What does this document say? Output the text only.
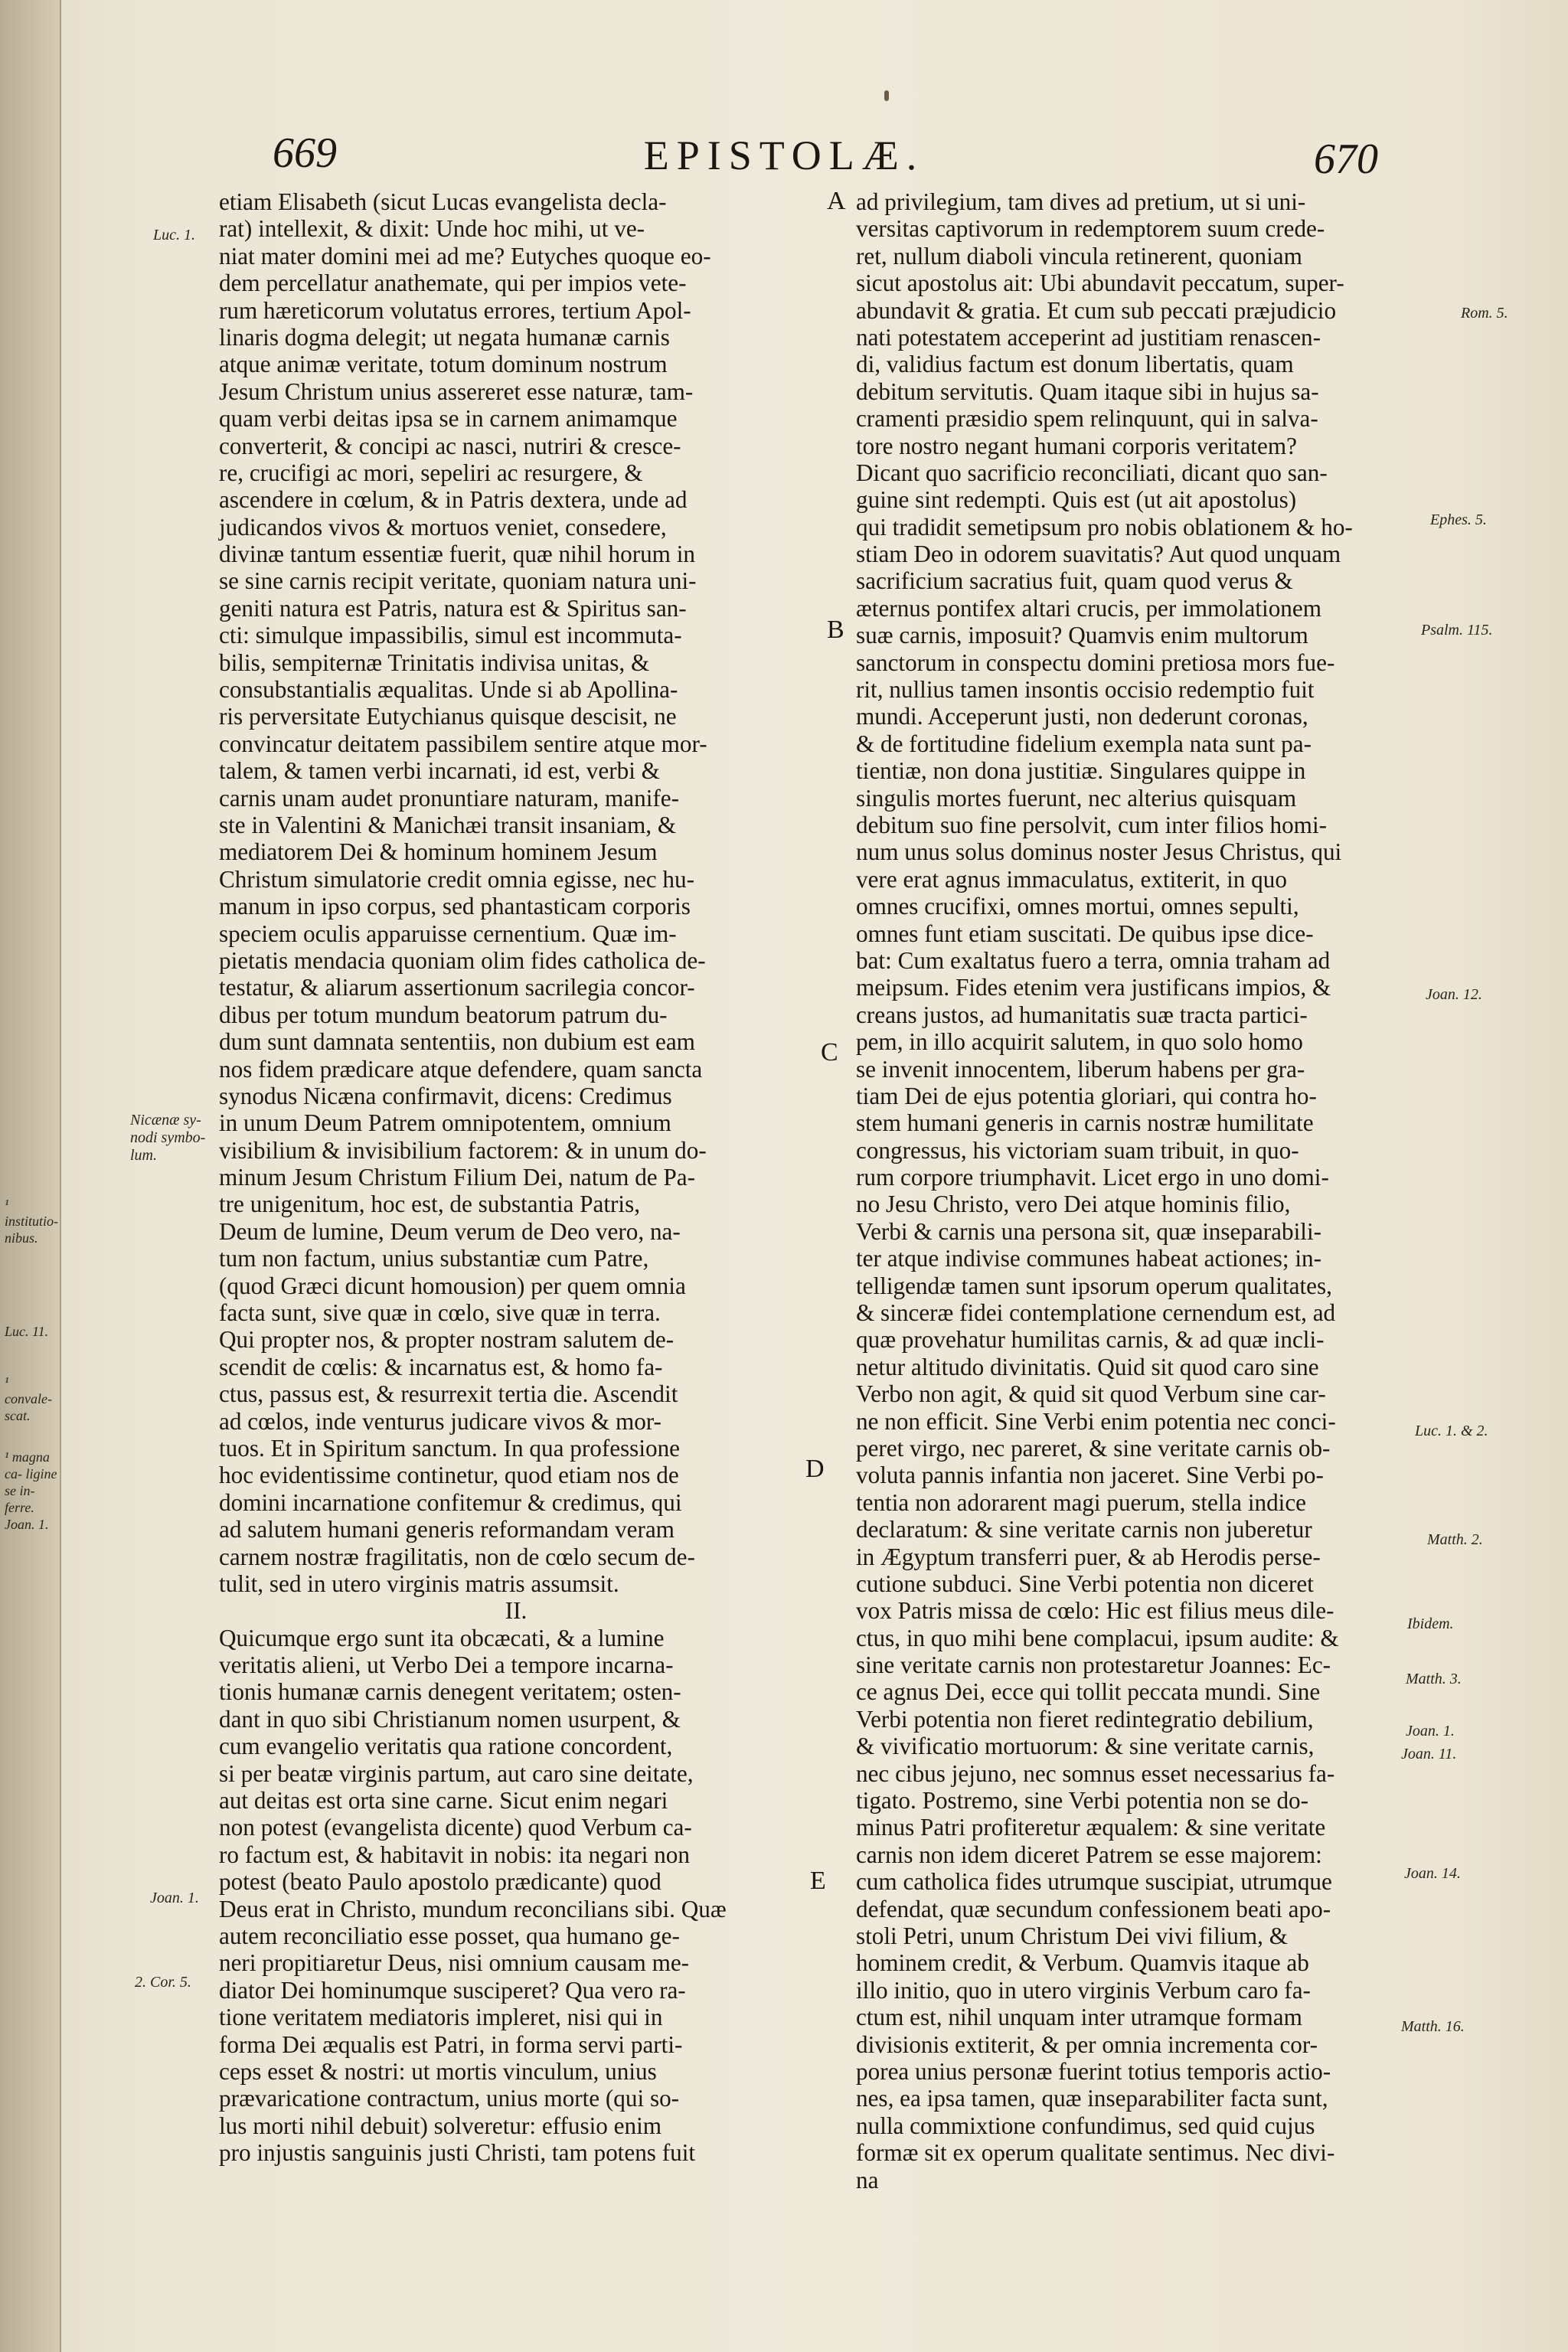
¹ institutio- nibus.
Luc. 11.
¹ convale- scat.
¹ magna ca- ligine se in- ferre.
Joan. 1.
669	EPISTOLÆ.	670
A
B
C
D
E
Luc. 1.
Nicænæ sy- nodi symbo- lum.
Joan. 1.
2. Cor. 5.
Rom. 5.
Ephes. 5.
Psalm. 115.
Joan. 12.
Luc. 1. & 2.
Matth. 2.
Ibidem.
Matth. 3.
Joan. 1.
Joan. 11.
Joan. 14.
Matth. 16.
etiam Elisabeth (sicut Lucas evangelista decla-
rat) intellexit, & dixit: Unde hoc mihi, ut ve-
niat mater domini mei ad me? Eutyches quoque eo-
dem percellatur anathemate, qui per impios vete-
rum hæreticorum volutatus errores, tertium Apol-
linaris dogma delegit; ut negata humanæ carnis
atque animæ veritate, totum dominum nostrum
Jesum Christum unius assereret esse naturæ, tam-
quam verbi deitas ipsa se in carnem animamque
converterit, & concipi ac nasci, nutriri & cresce-
re, crucifigi ac mori, sepeliri ac resurgere, &
ascendere in cœlum, & in Patris dextera, unde ad
judicandos vivos & mortuos veniet, consedere,
divinæ tantum essentiæ fuerit, quæ nihil horum in
se sine carnis recipit veritate, quoniam natura uni-
geniti natura est Patris, natura est & Spiritus san-
cti: simulque impassibilis, simul est incommuta-
bilis, sempiternæ Trinitatis indivisa unitas, &
consubstantialis æqualitas. Unde si ab Apollina-
ris perversitate Eutychianus quisque descisit, ne
convincatur deitatem passibilem sentire atque mor-
talem, & tamen verbi incarnati, id est, verbi &
carnis unam audet pronuntiare naturam, manife-
ste in Valentini & Manichæi transit insaniam, &
mediatorem Dei & hominum hominem Jesum
Christum simulatorie credit omnia egisse, nec hu-
manum in ipso corpus, sed phantasticam corporis
speciem oculis apparuisse cernentium. Quæ im-
pietatis mendacia quoniam olim fides catholica de-
testatur, & aliarum assertionum sacrilegia concor-
dibus per totum mundum beatorum patrum du-
dum sunt damnata sententiis, non dubium est eam
nos fidem prædicare atque defendere, quam sancta
synodus Nicæna confirmavit, dicens: Credimus
in unum Deum Patrem omnipotentem, omnium
visibilium & invisibilium factorem: & in unum do-
minum Jesum Christum Filium Dei, natum de Pa-
tre unigenitum, hoc est, de substantia Patris,
Deum de lumine, Deum verum de Deo vero, na-
tum non factum, unius substantiæ cum Patre,
(quod Græci dicunt homousion) per quem omnia
facta sunt, sive quæ in cœlo, sive quæ in terra.
Qui propter nos, & propter nostram salutem de-
scendit de cœlis: & incarnatus est, & homo fa-
ctus, passus est, & resurrexit tertia die. Ascendit
ad cœlos, inde venturus judicare vivos & mor-
tuos. Et in Spiritum sanctum. In qua professione
hoc evidentissime continetur, quod etiam nos de
domini incarnatione confitemur & credimus, qui
ad salutem humani generis reformandam veram
carnem nostræ fragilitatis, non de cœlo secum de-
tulit, sed in utero virginis matris assumsit.
II.
Quicumque ergo sunt ita obcæcati, & a lumine
veritatis alieni, ut Verbo Dei a tempore incarna-
tionis humanæ carnis denegent veritatem; osten-
dant in quo sibi Christianum nomen usurpent, &
cum evangelio veritatis qua ratione concordent,
si per beatæ virginis partum, aut caro sine deitate,
aut deitas est orta sine carne. Sicut enim negari
non potest (evangelista dicente) quod Verbum ca-
ro factum est, & habitavit in nobis: ita negari non
potest (beato Paulo apostolo prædicante) quod
Deus erat in Christo, mundum reconcilians sibi. Quæ
autem reconciliatio esse posset, qua humano ge-
neri propitiaretur Deus, nisi omnium causam me-
diator Dei hominumque susciperet? Qua vero ra-
tione veritatem mediatoris impleret, nisi qui in
forma Dei æqualis est Patri, in forma servi parti-
ceps esset & nostri: ut mortis vinculum, unius
prævaricatione contractum, unius morte (qui so-
lus morti nihil debuit) solveretur: effusio enim
pro injustis sanguinis justi Christi, tam potens fuit
ad privilegium, tam dives ad pretium, ut si uni-
versitas captivorum in redemptorem suum crede-
ret, nullum diaboli vincula retinerent, quoniam
sicut apostolus ait: Ubi abundavit peccatum, super-
abundavit & gratia. Et cum sub peccati præjudicio
nati potestatem acceperint ad justitiam renascen-
di, validius factum est donum libertatis, quam
debitum servitutis. Quam itaque sibi in hujus sa-
cramenti præsidio spem relinquunt, qui in salva-
tore nostro negant humani corporis veritatem?
Dicant quo sacrificio reconciliati, dicant quo san-
guine sint redempti. Quis est (ut ait apostolus)
qui tradidit semetipsum pro nobis oblationem & ho-
stiam Deo in odorem suavitatis? Aut quod unquam
sacrificium sacratius fuit, quam quod verus &
æternus pontifex altari crucis, per immolationem
suæ carnis, imposuit? Quamvis enim multorum
sanctorum in conspectu domini pretiosa mors fue-
rit, nullius tamen insontis occisio redemptio fuit
mundi. Acceperunt justi, non dederunt coronas,
& de fortitudine fidelium exempla nata sunt pa-
tientiæ, non dona justitiæ. Singulares quippe in
singulis mortes fuerunt, nec alterius quisquam
debitum suo fine persolvit, cum inter filios homi-
num unus solus dominus noster Jesus Christus, qui
vere erat agnus immaculatus, extiterit, in quo
omnes crucifixi, omnes mortui, omnes sepulti,
omnes funt etiam suscitati. De quibus ipse dice-
bat: Cum exaltatus fuero a terra, omnia traham ad
meipsum. Fides etenim vera justificans impios, &
creans justos, ad humanitatis suæ tracta partici-
pem, in illo acquirit salutem, in quo solo homo
se invenit innocentem, liberum habens per gra-
tiam Dei de ejus potentia gloriari, qui contra ho-
stem humani generis in carnis nostræ humilitate
congressus, his victoriam suam tribuit, in quo-
rum corpore triumphavit. Licet ergo in uno domi-
no Jesu Christo, vero Dei atque hominis filio,
Verbi & carnis una persona sit, quæ inseparabili-
ter atque indivise communes habeat actiones; in-
telligendæ tamen sunt ipsorum operum qualitates,
& sinceræ fidei contemplatione cernendum est, ad
quæ provehatur humilitas carnis, & ad quæ incli-
netur altitudo divinitatis. Quid sit quod caro sine
Verbo non agit, & quid sit quod Verbum sine car-
ne non efficit. Sine Verbi enim potentia nec conci-
peret virgo, nec pareret, & sine veritate carnis ob-
voluta pannis infantia non jaceret. Sine Verbi po-
tentia non adorarent magi puerum, stella indice
declaratum: & sine veritate carnis non juberetur
in Ægyptum transferri puer, & ab Herodis perse-
cutione subduci. Sine Verbi potentia non diceret
vox Patris missa de cœlo: Hic est filius meus dile-
ctus, in quo mihi bene complacui, ipsum audite: &
sine veritate carnis non protestaretur Joannes: Ec-
ce agnus Dei, ecce qui tollit peccata mundi. Sine
Verbi potentia non fieret redintegratio debilium,
& vivificatio mortuorum: & sine veritate carnis,
nec cibus jejuno, nec somnus esset necessarius fa-
tigato. Postremo, sine Verbi potentia non se do-
minus Patri profiteretur æqualem: & sine veritate
carnis non idem diceret Patrem se esse majorem:
cum catholica fides utrumque suscipiat, utrumque
defendat, quæ secundum confessionem beati apo-
stoli Petri, unum Christum Dei vivi filium, &
hominem credit, & Verbum. Quamvis itaque ab
illo initio, quo in utero virginis Verbum caro fa-
ctum est, nihil unquam inter utramque formam
divisionis extiterit, & per omnia incrementa cor-
porea unius personæ fuerint totius temporis actio-
nes, ea ipsa tamen, quæ inseparabiliter facta sunt,
nulla commixtione confundimus, sed quid cujus
formæ sit ex operum qualitate sentimus. Nec divi-
na
